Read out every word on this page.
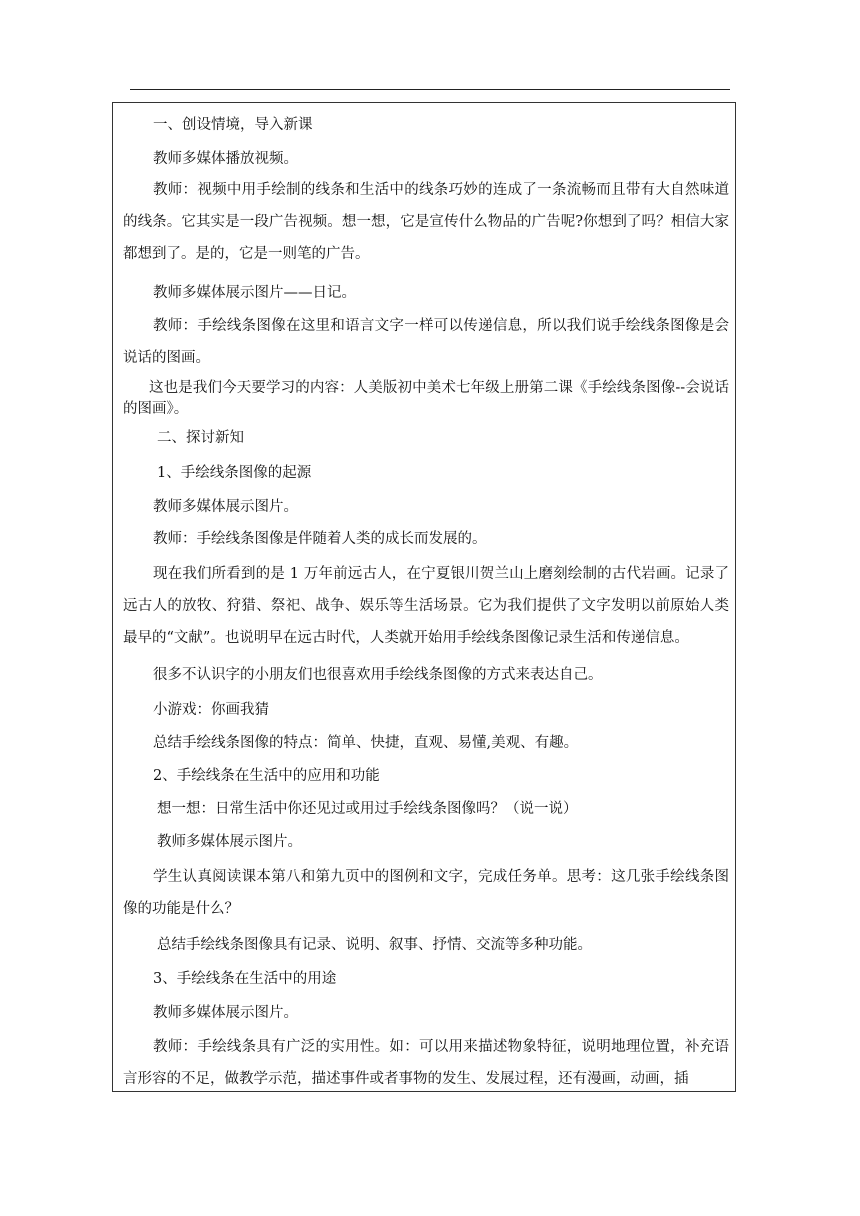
一、创设情境，导入新课
教师多媒体播放视频。
教师：视频中用手绘制的线条和生活中的线条巧妙的连成了一条流畅而且带有大自然味道的线条。它其实是一段广告视频。想一想，它是宣传什么物品的广告呢?你想到了吗？相信大家都想到了。是的，它是一则笔的广告。
教师多媒体展示图片——日记。
教师：手绘线条图像在这里和语言文字一样可以传递信息，所以我们说手绘线条图像是会说话的图画。
这也是我们今天要学习的内容：人美版初中美术七年级上册第二课《手绘线条图像--会说话的图画》。
二、探讨新知
1、手绘线条图像的起源
教师多媒体展示图片。
教师：手绘线条图像是伴随着人类的成长而发展的。
现在我们所看到的是 1 万年前远古人，在宁夏银川贺兰山上磨刻绘制的古代岩画。记录了远古人的放牧、狩猎、祭祀、战争、娱乐等生活场景。它为我们提供了文字发明以前原始人类最早的“文献”。也说明早在远古时代，人类就开始用手绘线条图像记录生活和传递信息。
很多不认识字的小朋友们也很喜欢用手绘线条图像的方式来表达自己。
小游戏：你画我猜
总结手绘线条图像的特点：简单、快捷，直观、易懂,美观、有趣。
2、手绘线条在生活中的应用和功能
想一想：日常生活中你还见过或用过手绘线条图像吗？（说一说）
教师多媒体展示图片。
学生认真阅读课本第八和第九页中的图例和文字，完成任务单。思考：这几张手绘线条图像的功能是什么？
总结手绘线条图像具有记录、说明、叙事、抒情、交流等多种功能。
3、手绘线条在生活中的用途
教师多媒体展示图片。
教师：手绘线条具有广泛的实用性。如：可以用来描述物象特征，说明地理位置，补充语言形容的不足，做教学示范，描述事件或者事物的发生、发展过程，还有漫画，动画，插
